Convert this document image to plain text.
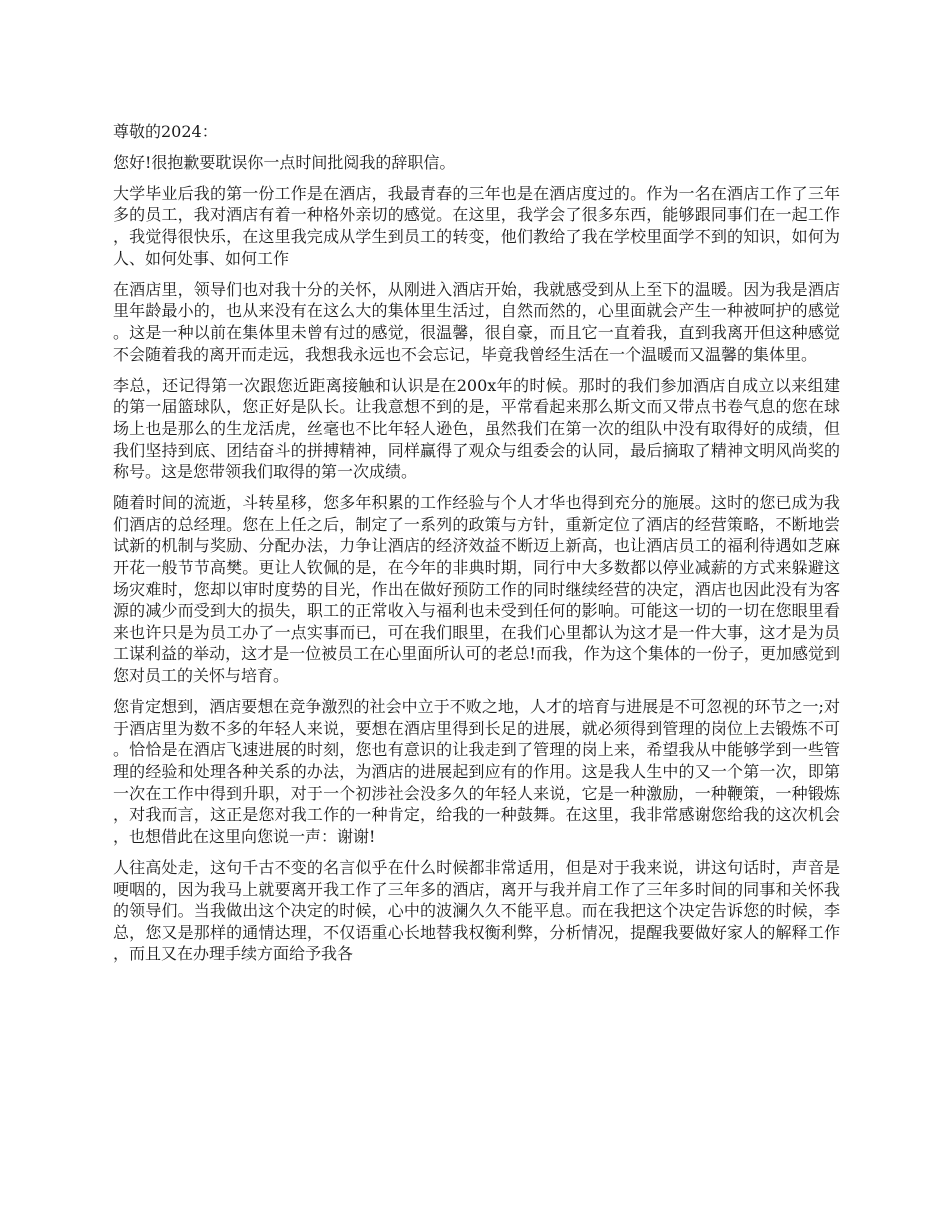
尊敬的2024：

您好!很抱歉要耽误你一点时间批阅我的辞职信。

大学毕业后我的第一份工作是在酒店，我最青春的三年也是在酒店度过的。作为一名在酒店工作了三年多的员工，我对酒店有着一种格外亲切的感觉。在这里，我学会了很多东西，能够跟同事们在一起工作，我觉得很快乐，在这里我完成从学生到员工的转变，他们教给了我在学校里面学不到的知识，如何为人、如何处事、如何工作

在酒店里，领导们也对我十分的关怀，从刚进入酒店开始，我就感受到从上至下的温暖。因为我是酒店里年龄最小的，也从来没有在这么大的集体里生活过，自然而然的，心里面就会产生一种被呵护的感觉。这是一种以前在集体里未曾有过的感觉，很温馨，很自豪，而且它一直着我，直到我离开但这种感觉不会随着我的离开而走远，我想我永远也不会忘记，毕竟我曾经生活在一个温暖而又温馨的集体里。

李总，还记得第一次跟您近距离接触和认识是在200x年的时候。那时的我们参加酒店自成立以来组建的第一届篮球队，您正好是队长。让我意想不到的是，平常看起来那么斯文而又带点书卷气息的您在球场上也是那么的生龙活虎，丝毫也不比年轻人逊色，虽然我们在第一次的组队中没有取得好的成绩，但我们坚持到底、团结奋斗的拼搏精神，同样赢得了观众与组委会的认同，最后摘取了精神文明风尚奖的称号。这是您带领我们取得的第一次成绩。

随着时间的流逝，斗转星移，您多年积累的工作经验与个人才华也得到充分的施展。这时的您已成为我们酒店的总经理。您在上任之后，制定了一系列的政策与方针，重新定位了酒店的经营策略，不断地尝试新的机制与奖励、分配办法，力争让酒店的经济效益不断迈上新高，也让酒店员工的福利待遇如芝麻开花一般节节高樊。更让人钦佩的是，在今年的非典时期，同行中大多数都以停业减薪的方式来躲避这场灾难时，您却以审时度势的目光，作出在做好预防工作的同时继续经营的决定，酒店也因此没有为客源的减少而受到大的损失，职工的正常收入与福利也未受到任何的影响。可能这一切的一切在您眼里看来也许只是为员工办了一点实事而已，可在我们眼里，在我们心里都认为这才是一件大事，这才是为员工谋利益的举动，这才是一位被员工在心里面所认可的老总!而我，作为这个集体的一份子，更加感觉到您对员工的关怀与培育。

您肯定想到，酒店要想在竞争激烈的社会中立于不败之地，人才的培育与进展是不可忽视的环节之一;对于酒店里为数不多的年轻人来说，要想在酒店里得到长足的进展，就必须得到管理的岗位上去锻炼不可。恰恰是在酒店飞速进展的时刻，您也有意识的让我走到了管理的岗上来，希望我从中能够学到一些管理的经验和处理各种关系的办法，为酒店的进展起到应有的作用。这是我人生中的又一个第一次，即第一次在工作中得到升职，对于一个初涉社会没多久的年轻人来说，它是一种激励，一种鞭策，一种锻炼，对我而言，这正是您对我工作的一种肯定，给我的一种鼓舞。在这里，我非常感谢您给我的这次机会，也想借此在这里向您说一声：谢谢!

人往高处走，这句千古不变的名言似乎在什么时候都非常适用，但是对于我来说，讲这句话时，声音是哽咽的，因为我马上就要离开我工作了三年多的酒店，离开与我并肩工作了三年多时间的同事和关怀我的领导们。当我做出这个决定的时候，心中的波澜久久不能平息。而在我把这个决定告诉您的时候，李总，您又是那样的通情达理，不仅语重心长地替我权衡利弊，分析情况，提醒我要做好家人的解释工作，而且又在办理手续方面给予我各
